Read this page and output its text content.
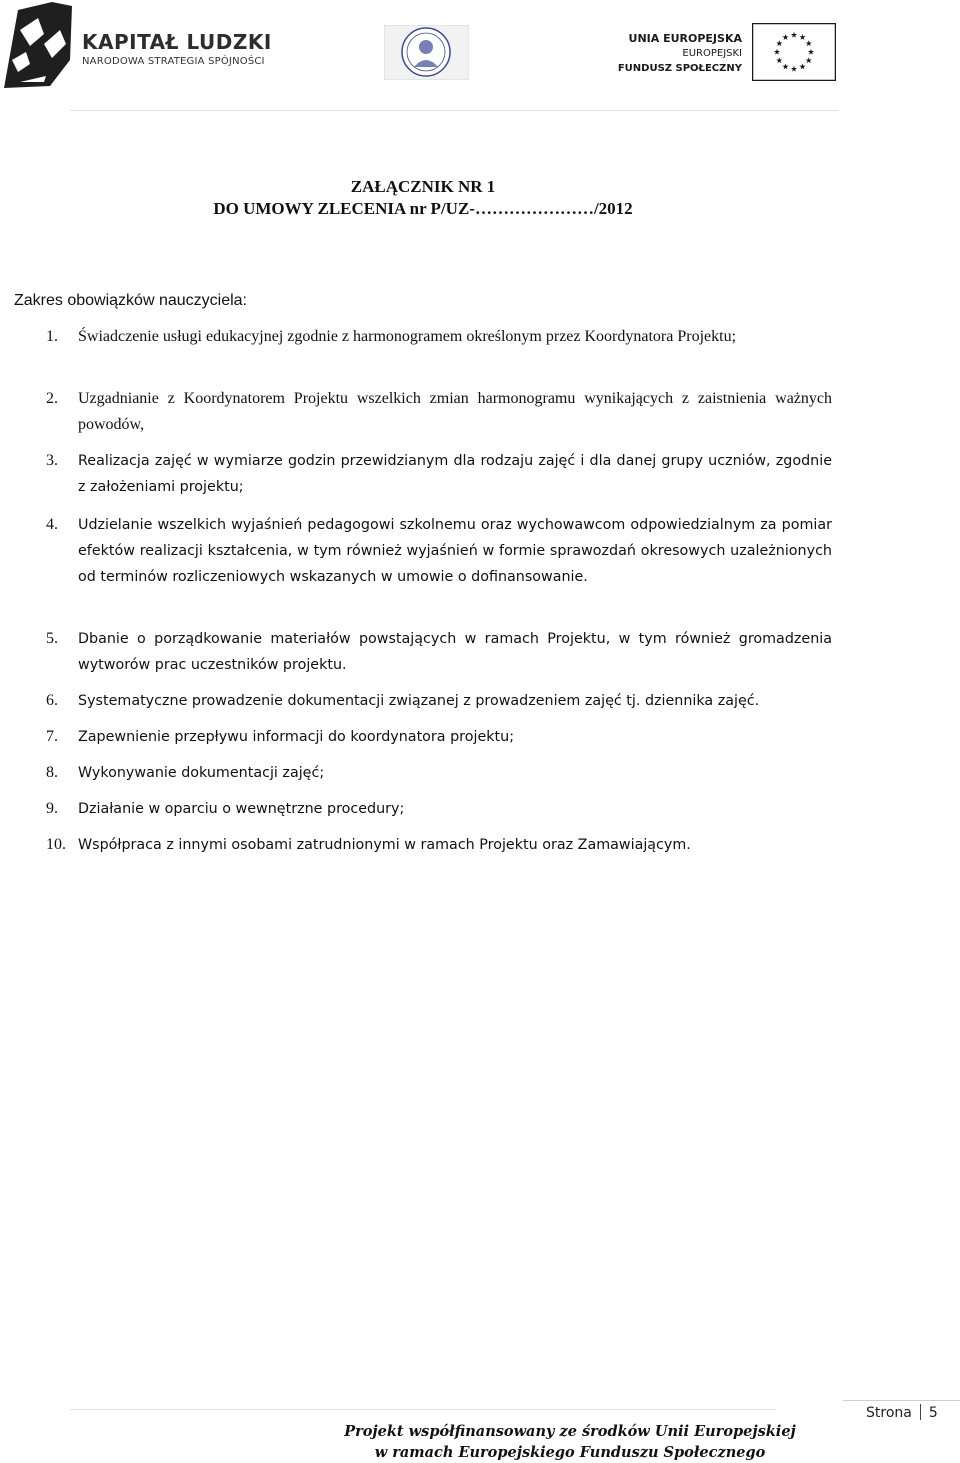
KAPITAŁ LUDZKI
NARODOWA STRATEGIA SPÓJNOŚCI
UNIA EUROPEJSKA
EUROPEJSKI
FUNDUSZ SPOŁECZNY
ZAŁĄCZNIK NR 1
DO UMOWY ZLECENIA nr P/UZ-…………………/2012
Zakres obowiązków nauczyciela:
1. Świadczenie usługi edukacyjnej zgodnie z harmonogramem określonym przez Koordynatora Projektu;
2. Uzgadnianie z Koordynatorem Projektu wszelkich zmian harmonogramu wynikających z zaistnienia ważnych powodów,
3. Realizacja zajęć w wymiarze godzin przewidzianym dla rodzaju zajęć i dla danej grupy uczniów, zgodnie z założeniami projektu;
4. Udzielanie wszelkich wyjaśnień pedagogowi szkolnemu oraz wychowawcom odpowiedzialnym za pomiar efektów realizacji kształcenia, w tym również wyjaśnień w formie sprawozdań okresowych uzależnionych od terminów rozliczeniowych wskazanych w umowie o dofinansowanie.
5. Dbanie o porządkowanie materiałów powstających w ramach Projektu, w tym również gromadzenia wytworów prac uczestników projektu.
6. Systematyczne prowadzenie dokumentacji związanej z prowadzeniem zajęć tj. dziennika zajęć.
7. Zapewnienie przepływu informacji do koordynatora projektu;
8. Wykonywanie dokumentacji zajęć;
9. Działanie w oparciu o wewnętrzne procedury;
10. Współpraca z innymi osobami zatrudnionymi w ramach Projektu oraz Zamawiającym.
Strona 5
Projekt współfinansowany ze środków Unii Europejskiej
w ramach Europejskiego Funduszu Społecznego
